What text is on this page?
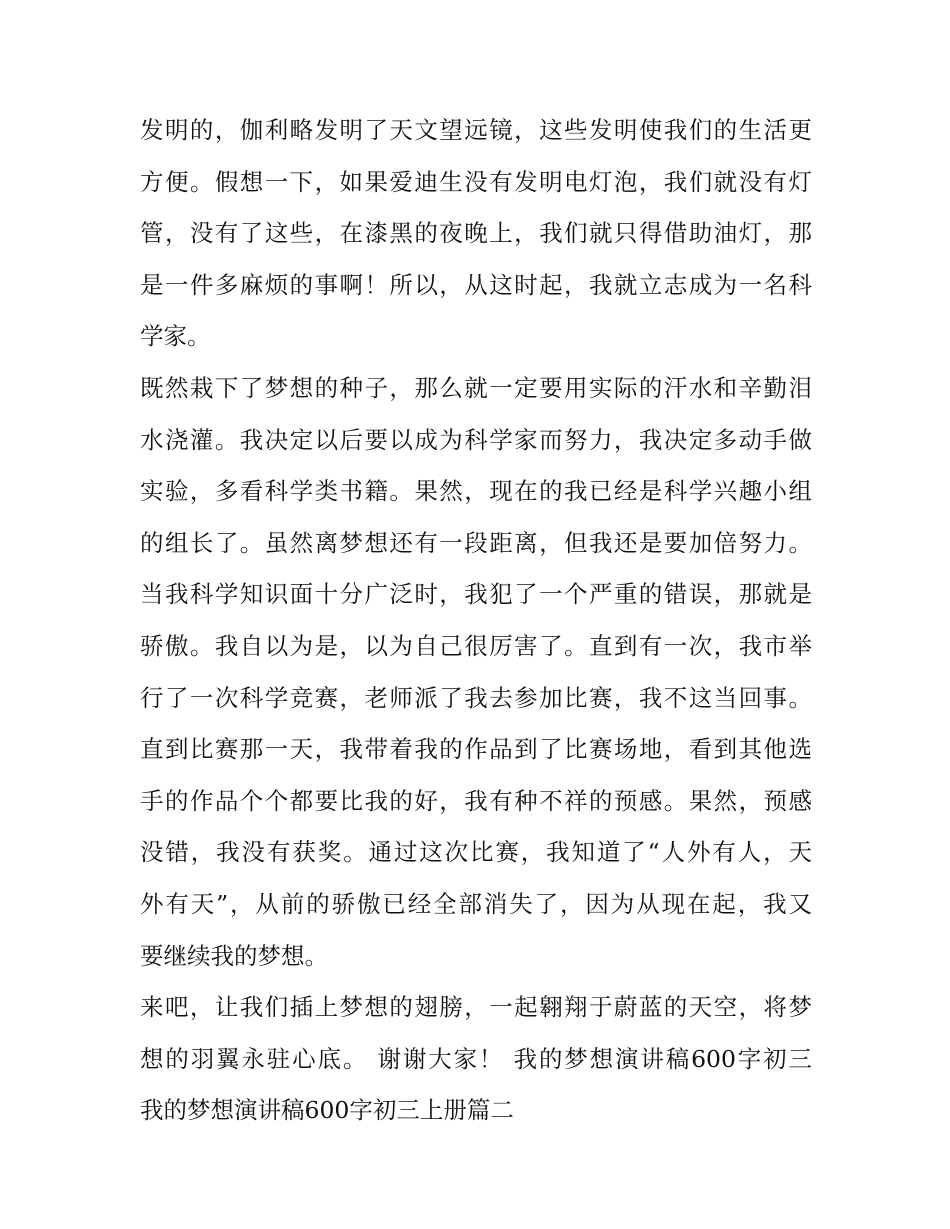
发明的，伽利略发明了天文望远镜，这些发明使我们的生活更
方便。假想一下，如果爱迪生没有发明电灯泡，我们就没有灯
管，没有了这些，在漆黑的夜晚上，我们就只得借助油灯，那
是一件多麻烦的事啊！所以，从这时起，我就立志成为一名科
学家。
既然栽下了梦想的种子，那么就一定要用实际的汗水和辛勤泪
水浇灌。我决定以后要以成为科学家而努力，我决定多动手做
实验，多看科学类书籍。果然，现在的我已经是科学兴趣小组
的组长了。虽然离梦想还有一段距离，但我还是要加倍努力。
当我科学知识面十分广泛时，我犯了一个严重的错误，那就是
骄傲。我自以为是，以为自己很厉害了。直到有一次，我市举
行了一次科学竞赛，老师派了我去参加比赛，我不这当回事。
直到比赛那一天，我带着我的作品到了比赛场地，看到其他选
手的作品个个都要比我的好，我有种不祥的预感。果然，预感
没错，我没有获奖。通过这次比赛，我知道了“人外有人，天
外有天”，从前的骄傲已经全部消失了，因为从现在起，我又
要继续我的梦想。
来吧，让我们插上梦想的翅膀，一起翱翔于蔚蓝的天空，将梦
想的羽翼永驻心底。 谢谢大家！ 我的梦想演讲稿600字初三
我的梦想演讲稿600字初三上册篇二
